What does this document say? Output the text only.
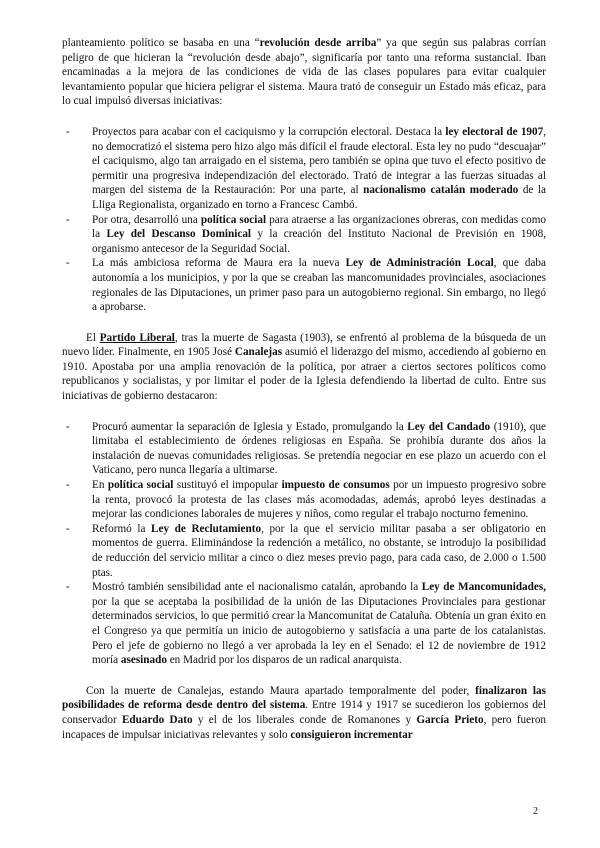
planteamiento político se basaba en una “revolución desde arriba” ya que según sus palabras corrían peligro de que hicieran la “revolución desde abajo”, significaría por tanto una reforma sustancial. Iban encaminadas a la mejora de las condiciones de vida de las clases populares para evitar cualquier levantamiento popular que hiciera peligrar el sistema. Maura trató de conseguir un Estado más eficaz, para lo cual impulsó diversas iniciativas:

- Proyectos para acabar con el caciquismo y la corrupción electoral. Destaca la ley electoral de 1907, no democratizó el sistema pero hizo algo más difícil el fraude electoral. Esta ley no pudo “descuajar” el caciquismo, algo tan arraigado en el sistema, pero también se opina que tuvo el efecto positivo de permitir una progresiva independización del electorado. Trató de integrar a las fuerzas situadas al margen del sistema de la Restauración: Por una parte, al nacionalismo catalán moderado de la Lliga Regionalista, organizado en torno a Francesc Cambó.
- Por otra, desarrolló una política social para atraerse a las organizaciones obreras, con medidas como la Ley del Descanso Dominical y la creación del Instituto Nacional de Previsión en 1908, organismo antecesor de la Seguridad Social.
- La más ambiciosa reforma de Maura era la nueva Ley de Administración Local, que daba autonomía a los municipios, y por la que se creaban las mancomunidades provinciales, asociaciones regionales de las Diputaciones, un primer paso para un autogobierno regional. Sin embargo, no llegó a aprobarse.

El Partido Liberal, tras la muerte de Sagasta (1903), se enfrentó al problema de la búsqueda de un nuevo líder. Finalmente, en 1905 José Canalejas asumió el liderazgo del mismo, accediendo al gobierno en 1910. Apostaba por una amplia renovación de la política, por atraer a ciertos sectores políticos como republicanos y socialistas, y por limitar el poder de la Iglesia defendiendo la libertad de culto. Entre sus iniciativas de gobierno destacaron:

- Procuró aumentar la separación de Iglesia y Estado, promulgando la Ley del Candado (1910), que limitaba el establecimiento de órdenes religiosas en España. Se prohibía durante dos años la instalación de nuevas comunidades religiosas. Se pretendía negociar en ese plazo un acuerdo con el Vaticano, pero nunca llegaría a ultimarse.
- En política social sustituyó el impopular impuesto de consumos por un impuesto progresivo sobre la renta, provocó la protesta de las clases más acomodadas, además, aprobó leyes destinadas a mejorar las condiciones laborales de mujeres y niños, como regular el trabajo nocturno femenino.
- Reformó la Ley de Reclutamiento, por la que el servicio militar pasaba a ser obligatorio en momentos de guerra. Eliminándose la redención a metálico, no obstante, se introdujo la posibilidad de reducción del servicio militar a cinco o diez meses previo pago, para cada caso, de 2.000 o 1.500 ptas.
- Mostró también sensibilidad ante el nacionalismo catalán, aprobando la Ley de Mancomunidades, por la que se aceptaba la posibilidad de la unión de las Diputaciones Provinciales para gestionar determinados servicios, lo que permitió crear la Mancomunitat de Cataluña. Obtenía un gran éxito en el Congreso ya que permitía un inicio de autogobierno y satisfacía a una parte de los catalanistas. Pero el jefe de gobierno no llegó a ver aprobada la ley en el Senado: el 12 de noviembre de 1912 moría asesinado en Madrid por los disparos de un radical anarquista.

Con la muerte de Canalejas, estando Maura apartado temporalmente del poder, finalizaron las posibilidades de reforma desde dentro del sistema. Entre 1914 y 1917 se sucedieron los gobiernos del conservador Eduardo Dato y el de los liberales conde de Romanones y García Prieto, pero fueron incapaces de impulsar iniciativas relevantes y solo consiguieron incrementar

2
